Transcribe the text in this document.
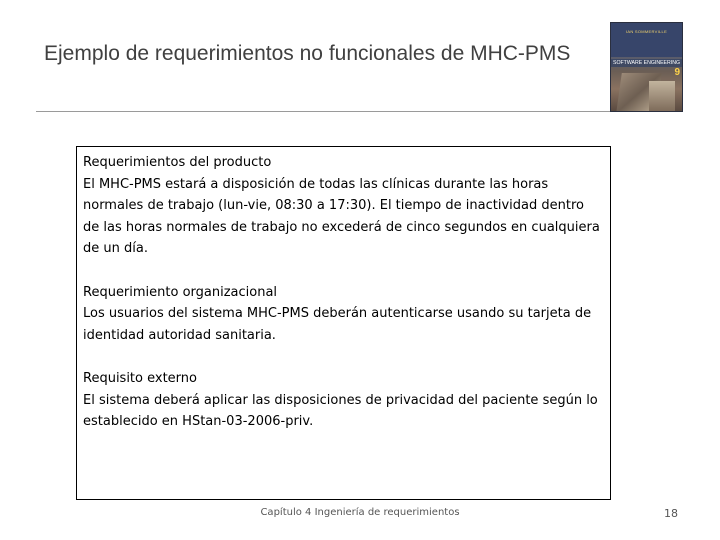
Ejemplo de requerimientos no funcionales de MHC-PMS
IAN SOMMERVILLE
SOFTWARE ENGINEERING
9
Requerimientos del producto
El MHC-PMS estará a disposición de todas las clínicas durante las horas normales de trabajo (lun-vie, 08:30 a 17:30). El tiempo de inactividad dentro de las horas normales de trabajo no excederá de cinco segundos en cualquiera de un día.
Requerimiento organizacional
Los usuarios del sistema MHC-PMS deberán autenticarse usando su tarjeta de identidad autoridad sanitaria.
Requisito externo
El sistema deberá aplicar las disposiciones de privacidad del paciente según lo establecido en HStan-03-2006-priv.
Capítulo 4 Ingeniería de requerimientos	18
